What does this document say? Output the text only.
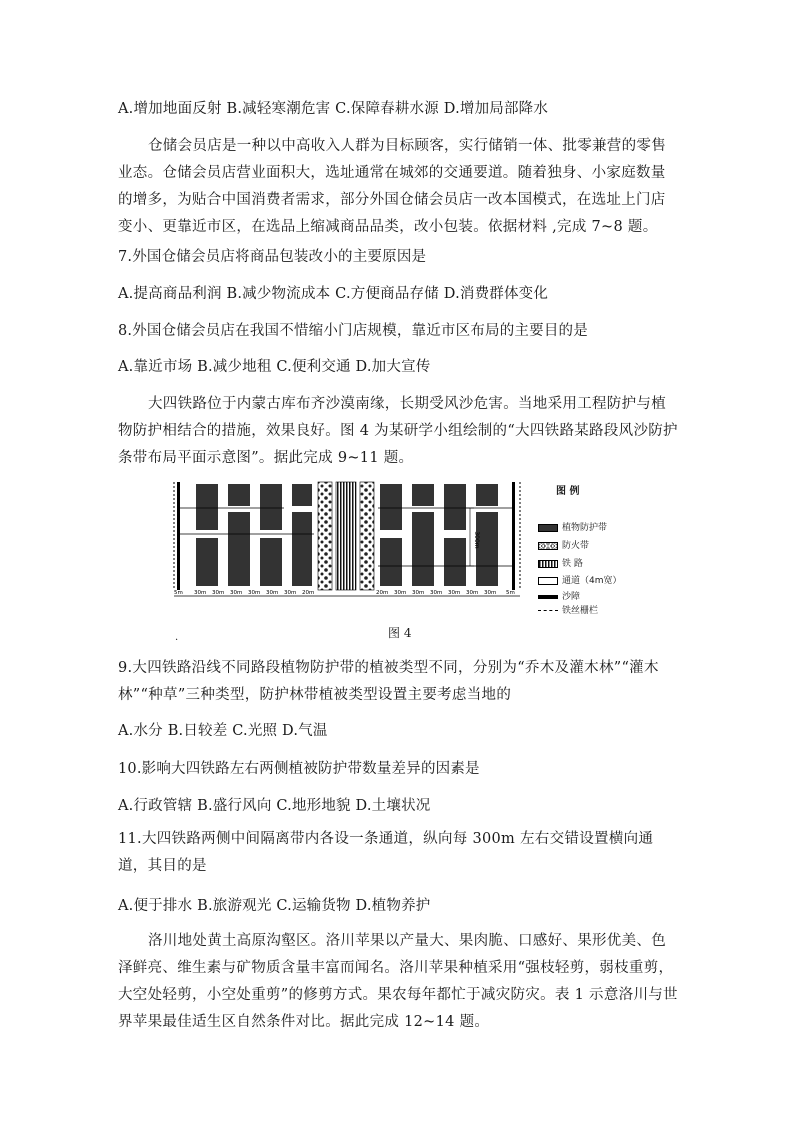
A.增加地面反射 B.减轻寒潮危害 C.保障春耕水源 D.增加局部降水
仓储会员店是一种以中高收入人群为目标顾客，实行储销一体、批零兼营的零售业态。仓储会员店营业面积大，选址通常在城郊的交通要道。随着独身、小家庭数量的增多，为贴合中国消费者需求，部分外国仓储会员店一改本国模式，在选址上门店变小、更靠近市区，在选品上缩减商品品类，改小包装。依据材料 ,完成 7~8 题。
7.外国仓储会员店将商品包装改小的主要原因是
A.提高商品利润 B.减少物流成本 C.方便商品存储 D.消费群体变化
8.外国仓储会员店在我国不惜缩小门店规模，靠近市区布局的主要目的是
A.靠近市场 B.减少地租 C.便利交通 D.加大宣传
大四铁路位于内蒙古库布齐沙漠南缘，长期受风沙危害。当地采用工程防护与植物防护相结合的措施，效果良好。图 4 为某研学小组绘制的“大四铁路某路段风沙防护条带布局平面示意图”。据此完成 9~11 题。
300m
5m 30m 30m 30m 30m 30m 30m 20m	20m 30m 30m 30m 30m 30m 30m 5m
图 例
植物防护带
防火带
铁 路
通道（4m宽）
沙障
铁丝栅栏
.	图 4
9.大四铁路沿线不同路段植物防护带的植被类型不同，分别为“乔木及灌木林”“灌木林”“种草”三种类型，防护林带植被类型设置主要考虑当地的
A.水分 B.日较差 C.光照 D.气温
10.影响大四铁路左右两侧植被防护带数量差异的因素是
A.行政管辖 B.盛行风向 C.地形地貌 D.土壤状况
11.大四铁路两侧中间隔离带内各设一条通道，纵向每 300m 左右交错设置横向通道，其目的是
A.便于排水 B.旅游观光 C.运输货物 D.植物养护
洛川地处黄土高原沟壑区。洛川苹果以产量大、果肉脆、口感好、果形优美、色泽鲜亮、维生素与矿物质含量丰富而闻名。洛川苹果种植采用“强枝轻剪，弱枝重剪，大空处轻剪，小空处重剪”的修剪方式。果农每年都忙于减灾防灾。表 1 示意洛川与世界苹果最佳适生区自然条件对比。据此完成 12~14 题。
